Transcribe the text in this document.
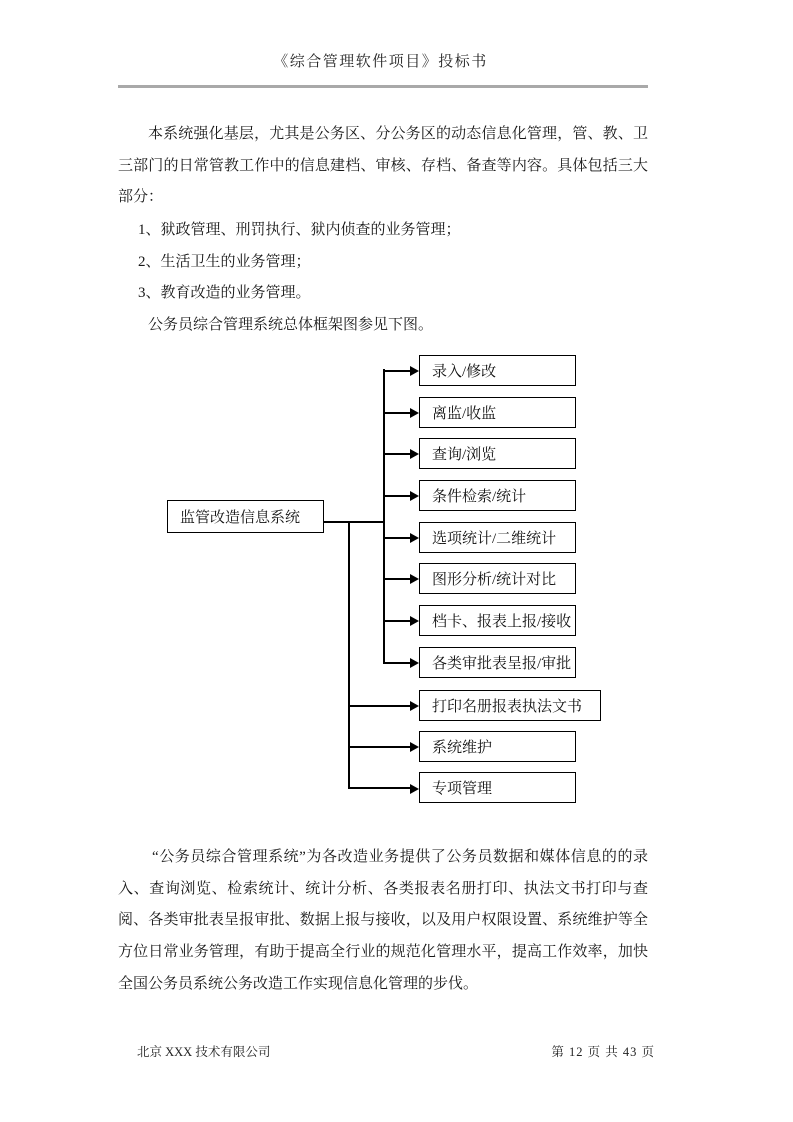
《综合管理软件项目》投标书
本系统强化基层，尤其是公务区、分公务区的动态信息化管理，管、教、卫三部门的日常管教工作中的信息建档、审核、存档、备查等内容。具体包括三大部分：
1、狱政管理、刑罚执行、狱内侦查的业务管理；
2、生活卫生的业务管理；
3、教育改造的业务管理。
公务员综合管理系统总体框架图参见下图。
监管改造信息系统
录入/修改
离监/收监
查询/浏览
条件检索/统计
选项统计/二维统计
图形分析/统计对比
档卡、报表上报/接收
各类审批表呈报/审批
打印名册报表执法文书
系统维护
专项管理
“公务员综合管理系统”为各改造业务提供了公务员数据和媒体信息的的录入、查询浏览、检索统计、统计分析、各类报表名册打印、执法文书打印与查阅、各类审批表呈报审批、数据上报与接收，以及用户权限设置、系统维护等全方位日常业务管理，有助于提高全行业的规范化管理水平，提高工作效率，加快全国公务员系统公务改造工作实现信息化管理的步伐。
北京 XXX 技术有限公司	第 12 页 共 43 页
